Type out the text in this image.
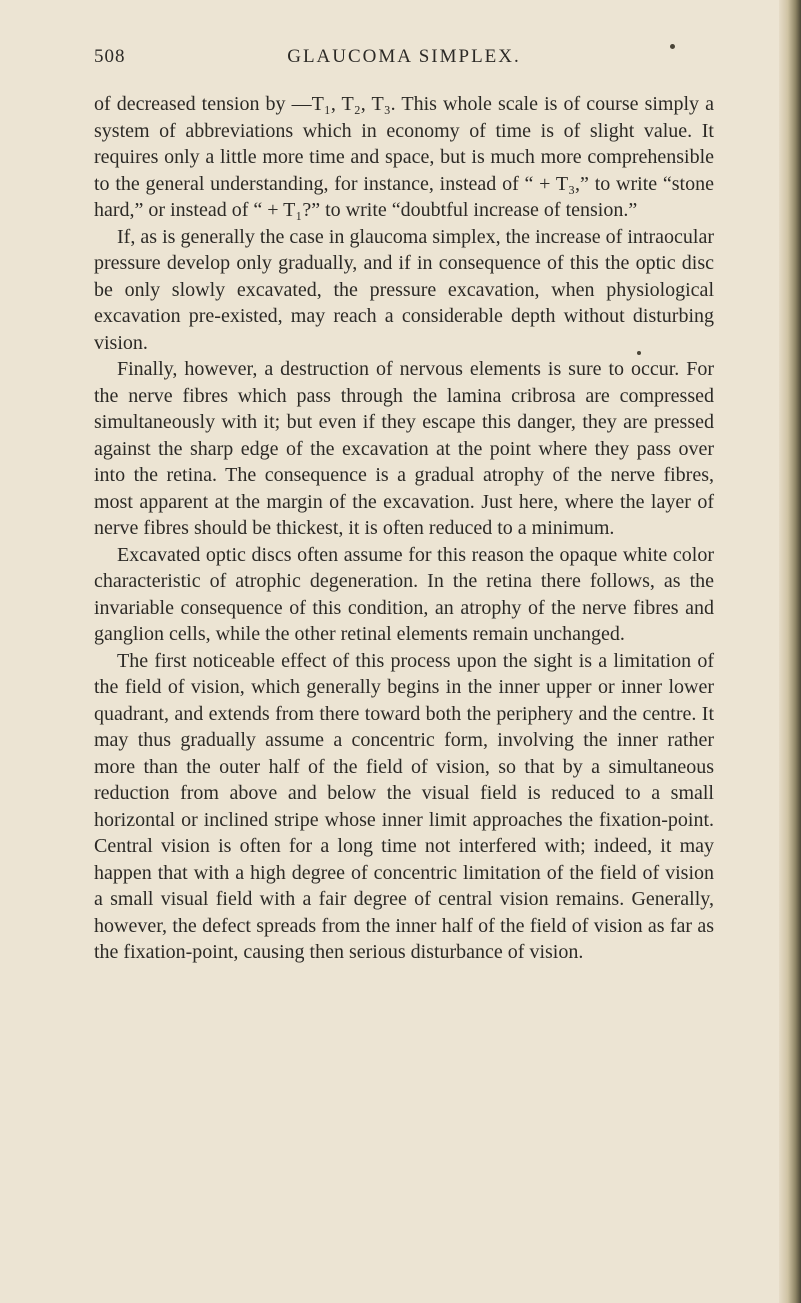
508	GLAUCOMA SIMPLEX.

of decreased tension by —T₁, T₂, T₃. This whole scale is of course simply a system of abbreviations which in economy of time is of slight value. It requires only a little more time and space, but is much more comprehensible to the general understanding, for instance, instead of “ + T₃,” to write “stone hard,” or instead of “ + T₁?” to write “doubtful increase of tension.”

If, as is generally the case in glaucoma simplex, the increase of intraocular pressure develop only gradually, and if in consequence of this the optic disc be only slowly excavated, the pressure excavation, when physiological excavation pre-existed, may reach a considerable depth without disturbing vision.

Finally, however, a destruction of nervous elements is sure to occur. For the nerve fibres which pass through the lamina cribrosa are compressed simultaneously with it; but even if they escape this danger, they are pressed against the sharp edge of the excavation at the point where they pass over into the retina. The consequence is a gradual atrophy of the nerve fibres, most apparent at the margin of the excavation. Just here, where the layer of nerve fibres should be thickest, it is often reduced to a minimum.

Excavated optic discs often assume for this reason the opaque white color characteristic of atrophic degeneration. In the retina there follows, as the invariable consequence of this condition, an atrophy of the nerve fibres and ganglion cells, while the other retinal elements remain unchanged.

The first noticeable effect of this process upon the sight is a limitation of the field of vision, which generally begins in the inner upper or inner lower quadrant, and extends from there toward both the periphery and the centre. It may thus gradually assume a concentric form, involving the inner rather more than the outer half of the field of vision, so that by a simultaneous reduction from above and below the visual field is reduced to a small horizontal or inclined stripe whose inner limit approaches the fixation-point. Central vision is often for a long time not interfered with; indeed, it may happen that with a high degree of concentric limitation of the field of vision a small visual field with a fair degree of central vision remains. Generally, however, the defect spreads from the inner half of the field of vision as far as the fixation-point, causing then serious disturbance of vision.
